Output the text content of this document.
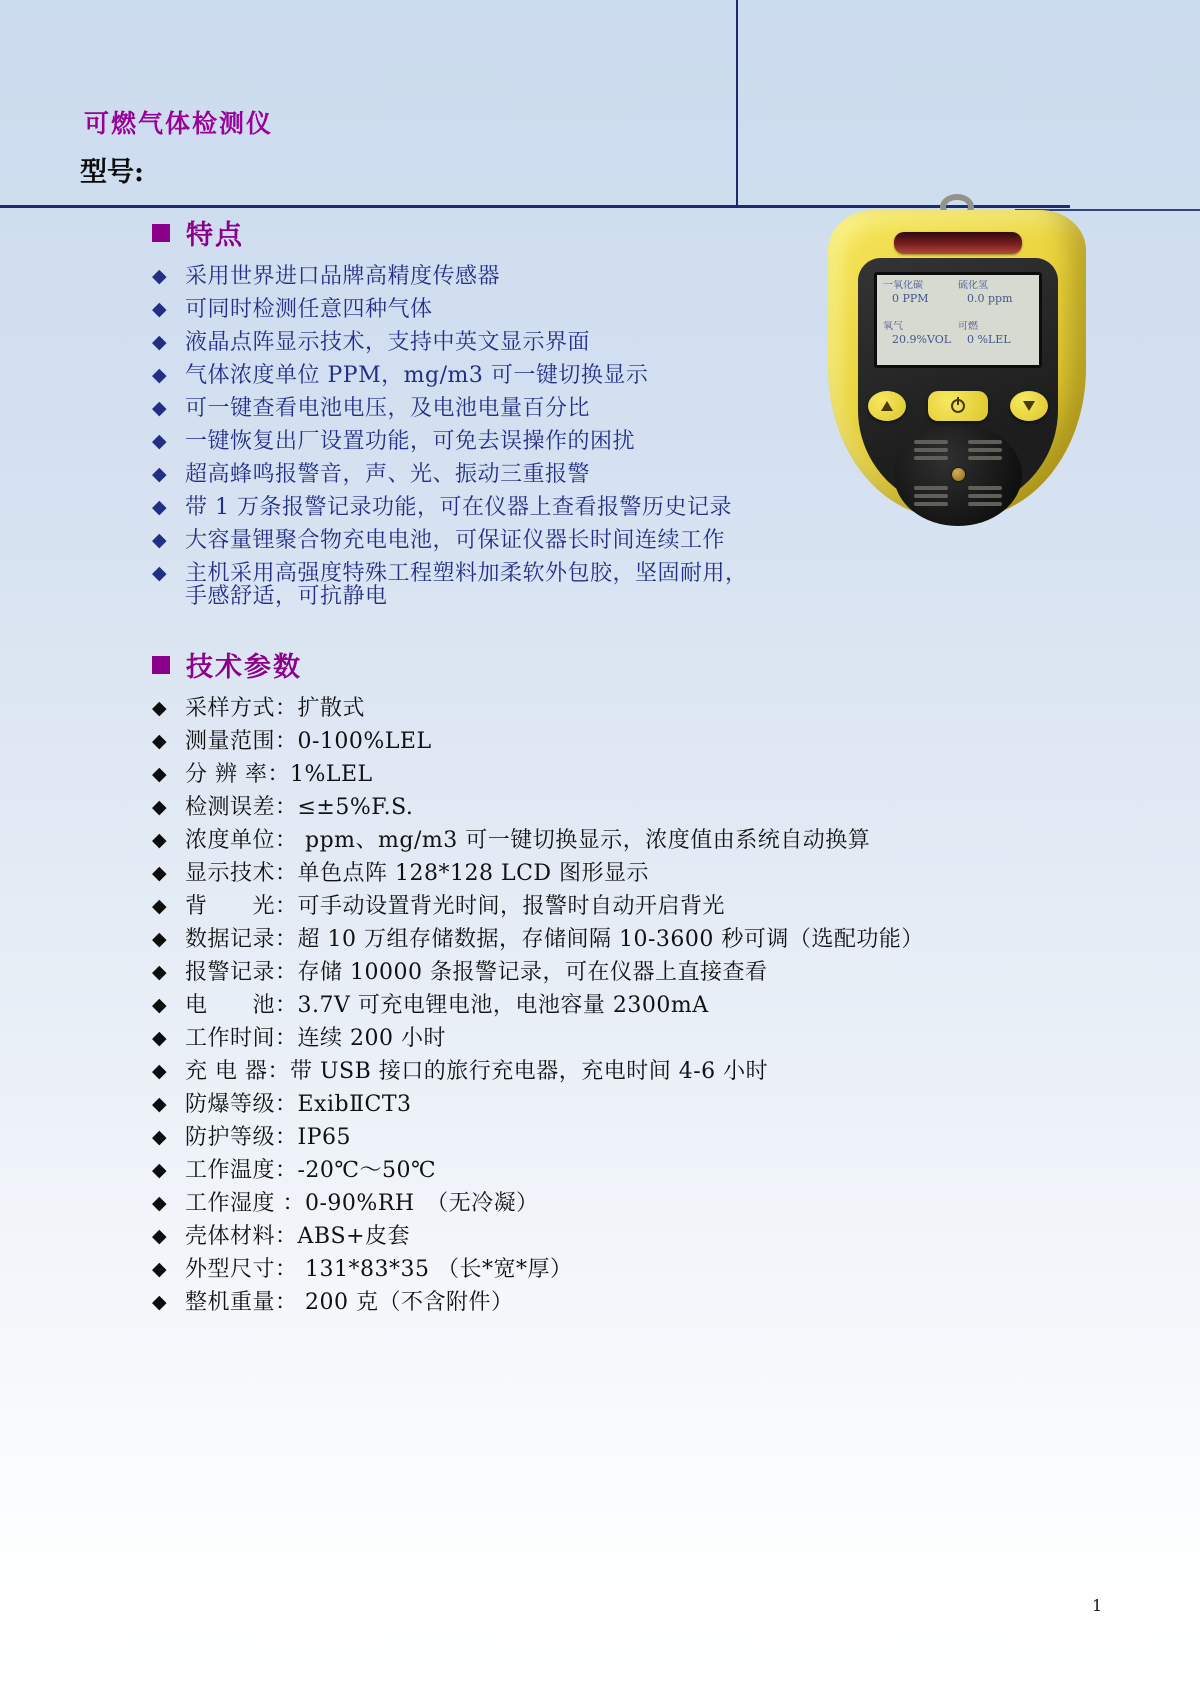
可燃气体检测仪
型号:
一氧化碳
0 PPM
硫化氢
0.0 ppm
氧气
20.9%VOL
可燃
0 %LEL
特点
◆ 采用世界进口品牌高精度传感器
◆ 可同时检测任意四种气体
◆ 液晶点阵显示技术，支持中英文显示界面
◆ 气体浓度单位 PPM，mg/m3 可一键切换显示
◆ 可一键查看电池电压，及电池电量百分比
◆ 一键恢复出厂设置功能，可免去误操作的困扰
◆ 超高蜂鸣报警音，声、光、振动三重报警
◆ 带 1 万条报警记录功能，可在仪器上查看报警历史记录
◆ 大容量锂聚合物充电电池，可保证仪器长时间连续工作
◆ 主机采用高强度特殊工程塑料加柔软外包胶，坚固耐用，手感舒适，可抗静电
技术参数
◆ 采样方式：扩散式
◆ 测量范围：0-100%LEL
◆ 分 辨 率：1%LEL
◆ 检测误差：≤±5%F.S.
◆ 浓度单位： ppm、mg/m3 可一键切换显示，浓度值由系统自动换算
◆ 显示技术：单色点阵 128*128 LCD 图形显示
◆ 背　　光：可手动设置背光时间，报警时自动开启背光
◆ 数据记录：超 10 万组存储数据，存储间隔 10-3600 秒可调（选配功能）
◆ 报警记录：存储 10000 条报警记录，可在仪器上直接查看
◆ 电　　池：3.7V 可充电锂电池，电池容量 2300mA
◆ 工作时间：连续 200 小时
◆ 充 电 器：带 USB 接口的旅行充电器，充电时间 4-6 小时
◆ 防爆等级：ExibⅡCT3
◆ 防护等级：IP65
◆ 工作温度：-20℃～50℃
◆ 工作湿度 ：0-90%RH　（无冷凝）
◆ 壳体材料：ABS+皮套
◆ 外型尺寸： 131*83*35 （长*宽*厚）
◆ 整机重量： 200 克（不含附件）
1
